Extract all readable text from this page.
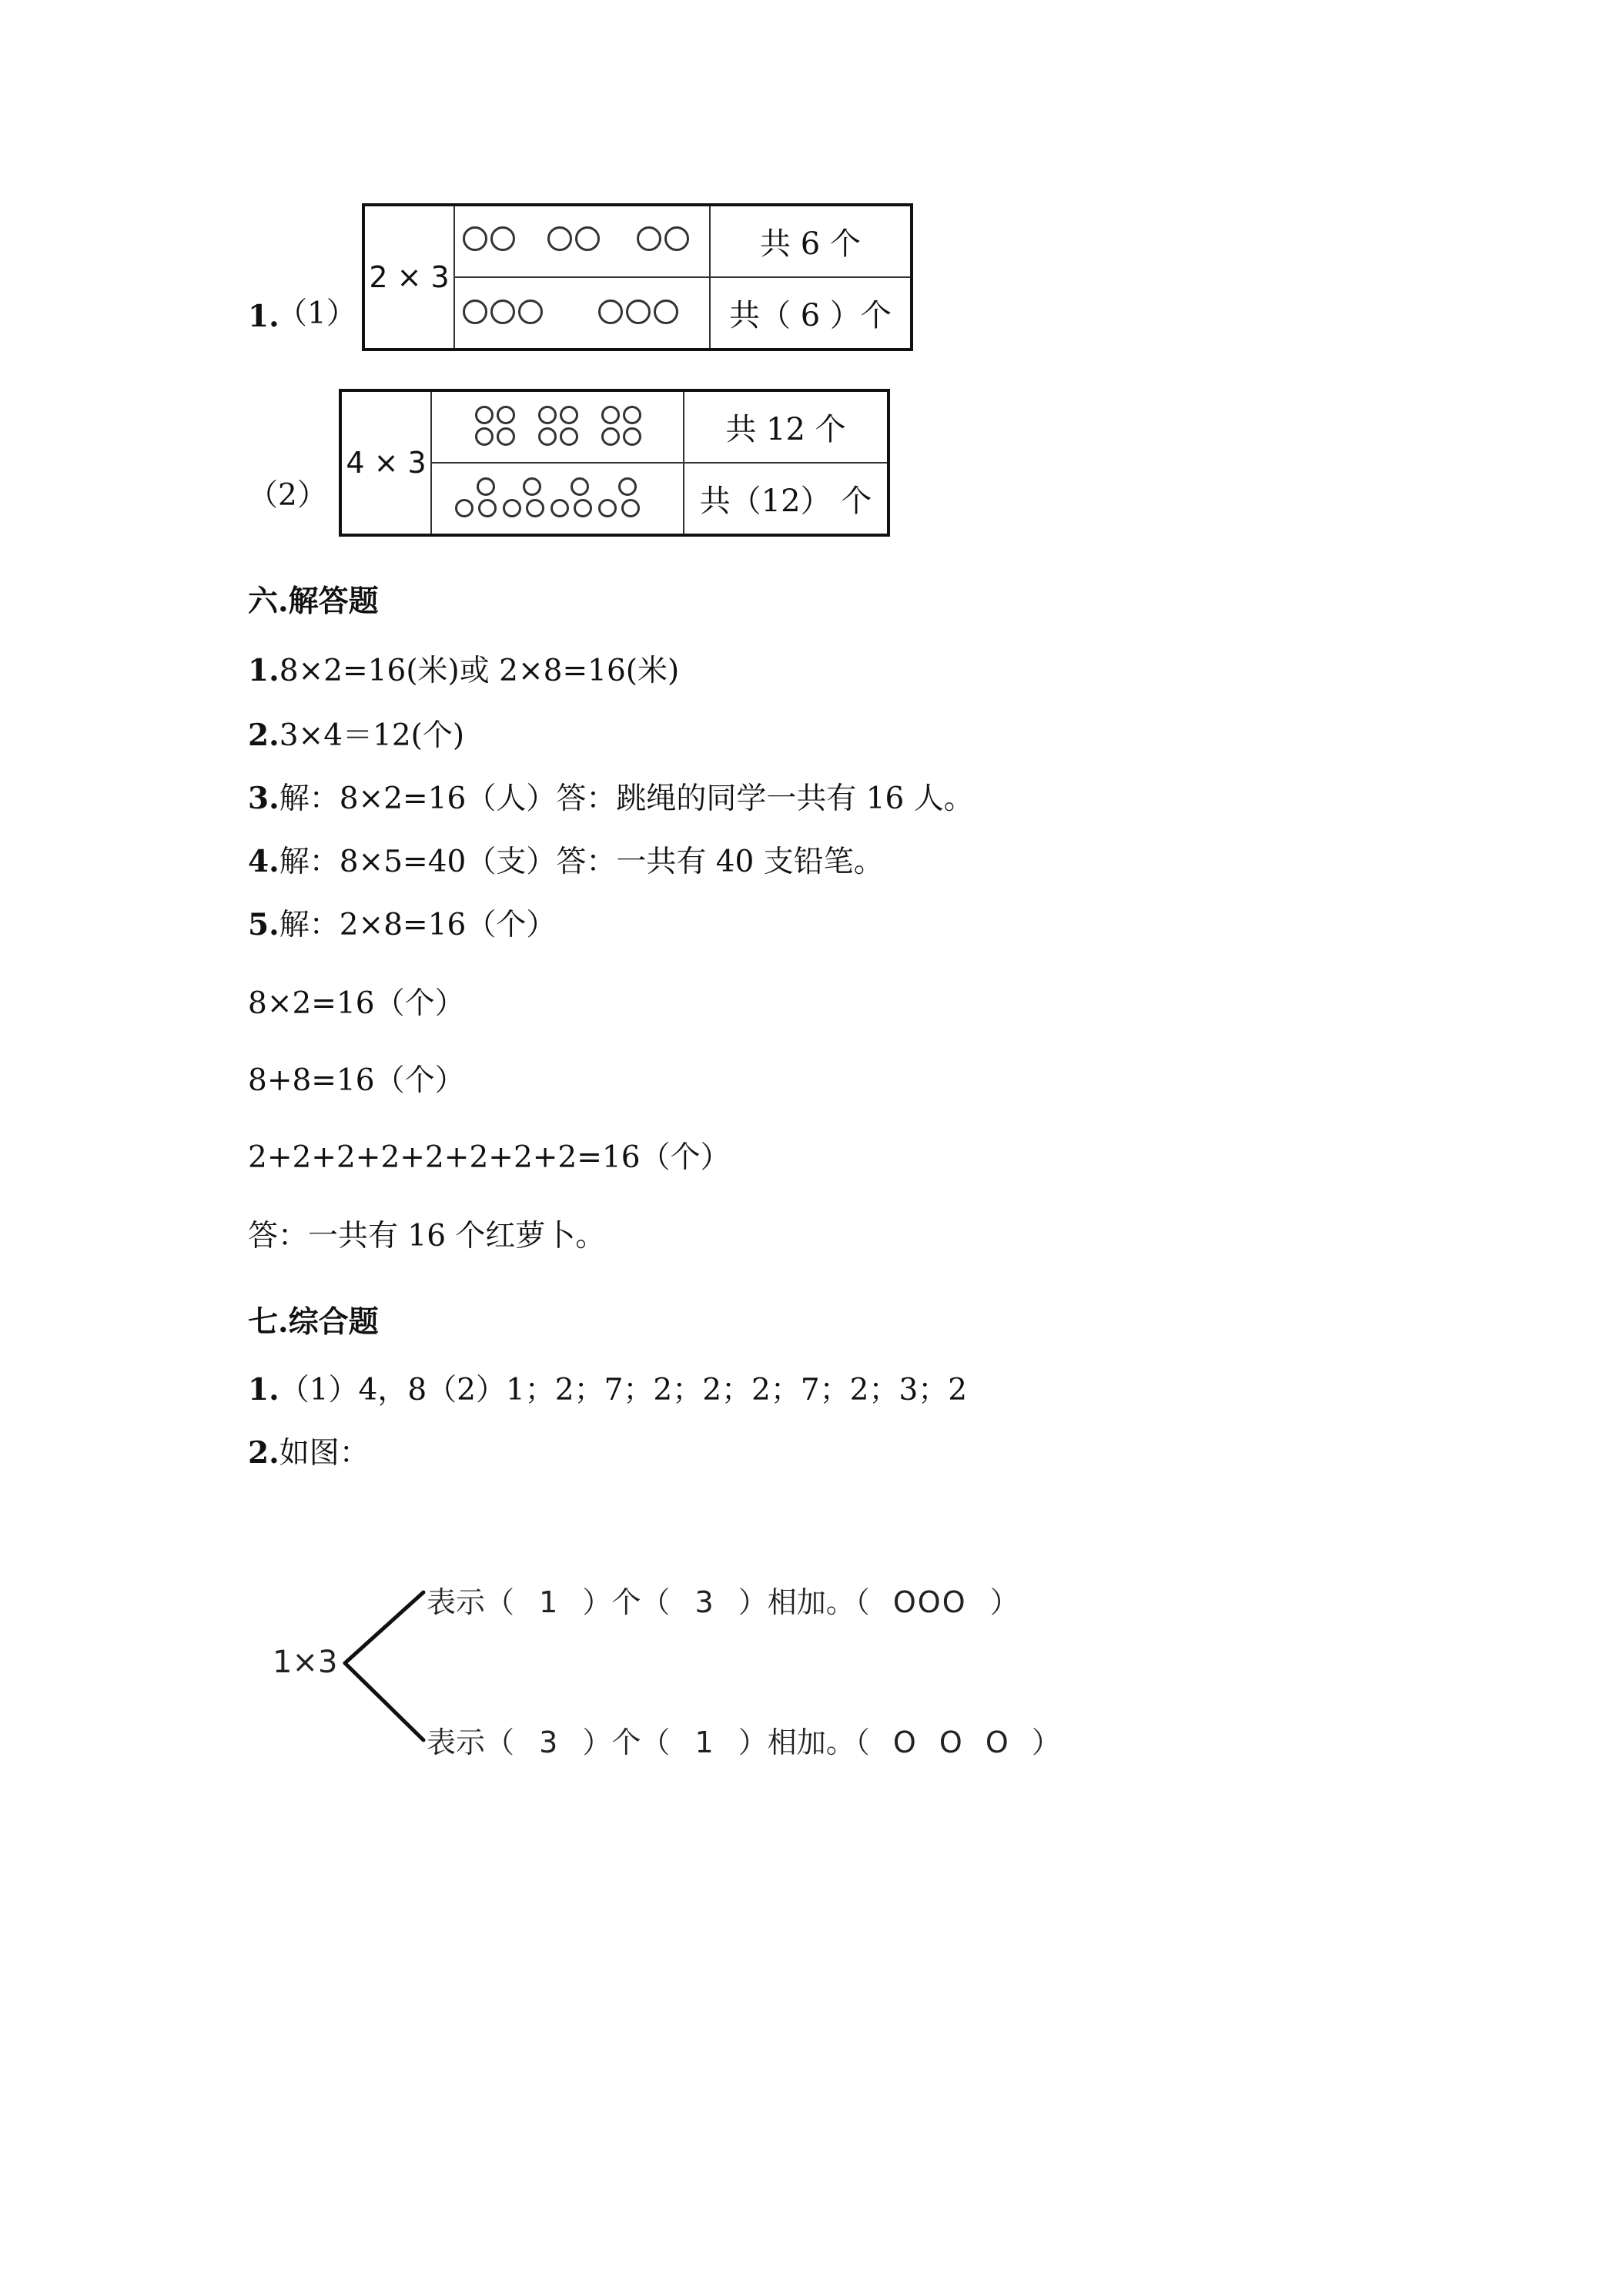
1.
（1）
2 × 3		共 6 个

		共（ 6 ）个
（2）
4 × 3		共 12 个

		共（12） 个
六.解答题
1.8×2=16(米)或 2×8=16(米)
2.3×4＝12(个)
3.解：8×2=16（人）答：跳绳的同学一共有 16 人。
4.解：8×5=40（支）答：一共有 40 支铅笔。
5.解：2×8=16（个）
8×2=16（个）
8+8=16（个）
2+2+2+2+2+2+2+2=16（个）
答：一共有 16 个红萝卜。
七.综合题
1.（1）4，8（2）1；2；7；2；2；2；7；2；3；2
2.如图：
1×3
表示（ 1 ）个（ 3 ）相加。（ OOO ）
表示（ 3 ）个（ 1 ）相加。（ O O O ）
